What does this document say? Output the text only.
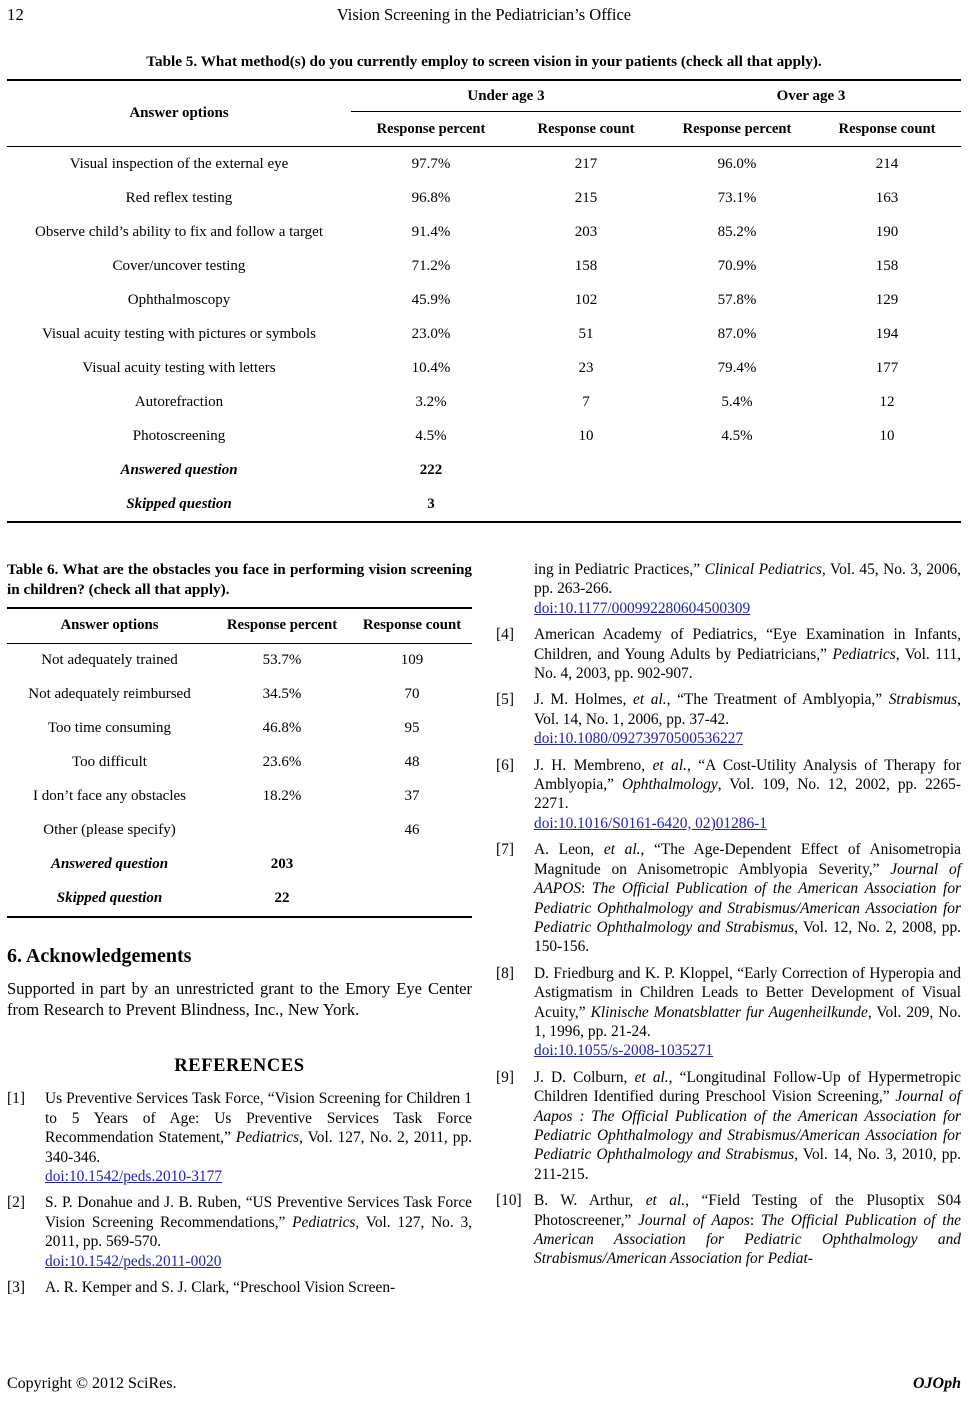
12	Vision Screening in the Pediatrician’s Office
Table 5. What method(s) do you currently employ to screen vision in your patients (check all that apply).
Answer options	Under age 3		Over age 3	
	Response percent	Response count	Response percent	Response count
Visual inspection of the external eye	97.7%	217	96.0%	214
Red reflex testing	96.8%	215	73.1%	163
Observe child’s ability to fix and follow a target	91.4%	203	85.2%	190
Cover/uncover testing	71.2%	158	70.9%	158
Ophthalmoscopy	45.9%	102	57.8%	129
Visual acuity testing with pictures or symbols	23.0%	51	87.0%	194
Visual acuity testing with letters	10.4%	23	79.4%	177
Autorefraction	3.2%	7	5.4%	12
Photoscreening	4.5%	10	4.5%	10
Answered question	222			
Skipped question	3			
Table 6. What are the obstacles you face in performing vision screening in children? (check all that apply).
Answer options	Response percent	Response count
Not adequately trained	53.7%	109
Not adequately reimbursed	34.5%	70
Too time consuming	46.8%	95
Too difficult	23.6%	48
I don’t face any obstacles	18.2%	37
Other (please specify)		46
Answered question	203	
Skipped question	22	
6. Acknowledgements

Supported in part by an unrestricted grant to the Emory Eye Center from Research to Prevent Blindness, Inc., New York.

REFERENCES
[1]	Us Preventive Services Task Force, “Vision Screening for Children 1 to 5 Years of Age: Us Preventive Services Task Force Recommendation Statement,” Pediatrics, Vol. 127, No. 2, 2011, pp. 340-346.
doi:10.1542/peds.2010-3177
[2]	S. P. Donahue and J. B. Ruben, “US Preventive Services Task Force Vision Screening Recommendations,” Pediatrics, Vol. 127, No. 3, 2011, pp. 569-570.
doi:10.1542/peds.2011-0020
[3]	A. R. Kemper and S. J. Clark, “Preschool Vision Screen-
ing in Pediatric Practices,” Clinical Pediatrics, Vol. 45, No. 3, 2006, pp. 263-266.
doi:10.1177/000992280604500309
[4]	American Academy of Pediatrics, “Eye Examination in Infants, Children, and Young Adults by Pediatricians,” Pediatrics, Vol. 111, No. 4, 2003, pp. 902-907.
[5]	J. M. Holmes, et al., “The Treatment of Amblyopia,” Strabismus, Vol. 14, No. 1, 2006, pp. 37-42.
doi:10.1080/09273970500536227
[6]	J. H. Membreno, et al., “A Cost-Utility Analysis of Therapy for Amblyopia,” Ophthalmology, Vol. 109, No. 12, 2002, pp. 2265-2271.
doi:10.1016/S0161-6420, 02)01286-1
[7]	A. Leon, et al., “The Age-Dependent Effect of Anisometropia Magnitude on Anisometropic Amblyopia Severity,” Journal of AAPOS: The Official Publication of the American Association for Pediatric Ophthalmology and Strabismus/American Association for Pediatric Ophthalmology and Strabismus, Vol. 12, No. 2, 2008, pp. 150-156.
[8]	D. Friedburg and K. P. Kloppel, “Early Correction of Hyperopia and Astigmatism in Children Leads to Better Development of Visual Acuity,” Klinische Monatsblatter fur Augenheilkunde, Vol. 209, No. 1, 1996, pp. 21-24.
doi:10.1055/s-2008-1035271
[9]	J. D. Colburn, et al., “Longitudinal Follow-Up of Hypermetropic Children Identified during Preschool Vision Screening,” Journal of Aapos : The Official Publication of the American Association for Pediatric Ophthalmology and Strabismus/American Association for Pediatric Ophthalmology and Strabismus, Vol. 14, No. 3, 2010, pp. 211-215.
[10] B. W. Arthur, et al., “Field Testing of the Plusoptix S04 Photoscreener,” Journal of Aapos: The Official Publication of the American Association for Pediatric Ophthalmology and Strabismus/American Association for Pediat-
Copyright © 2012 SciRes.	OJOph
